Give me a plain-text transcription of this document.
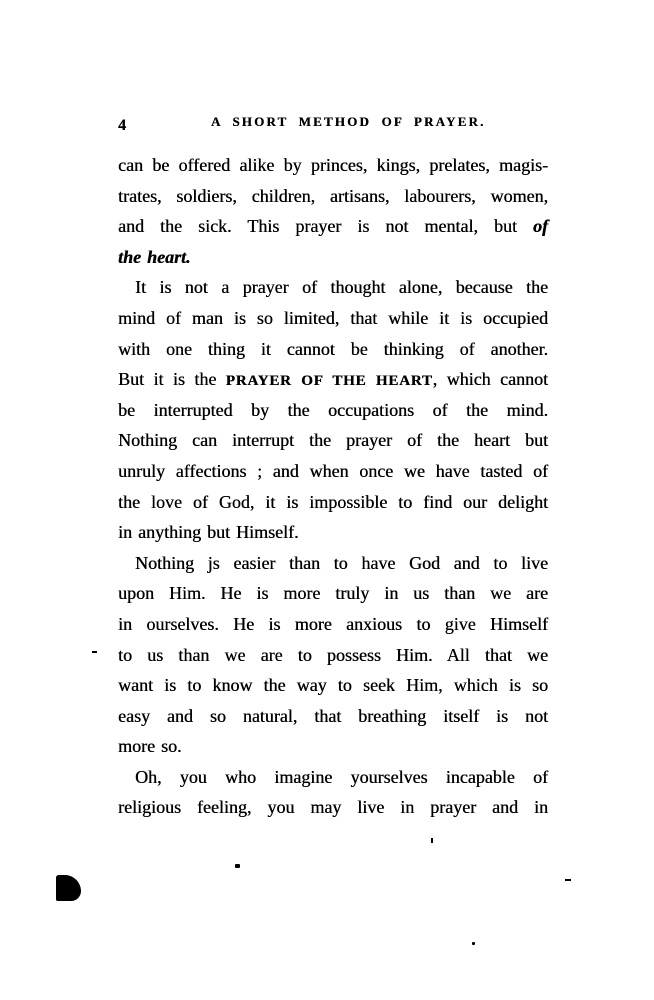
4	A SHORT METHOD OF PRAYER.
can be offered alike by princes, kings, prelates, magis-
trates, soldiers, children, artisans, labourers, women,
and the sick. This prayer is not mental, but of
the heart.
It is not a prayer of thought alone, because the
mind of man is so limited, that while it is occupied
with one thing it cannot be thinking of another.
But it is the PRAYER OF THE HEART, which cannot
be interrupted by the occupations of the mind.
Nothing can interrupt the prayer of the heart but
unruly affections ; and when once we have tasted of
the love of God, it is impossible to find our delight
in anything but Himself.
Nothing js easier than to have God and to live
upon Him. He is more truly in us than we are
in ourselves. He is more anxious to give Himself
to us than we are to possess Him. All that we
want is to know the way to seek Him, which is so
easy and so natural, that breathing itself is not
more so.
Oh, you who imagine yourselves incapable of
religious feeling, you may live in prayer and in
